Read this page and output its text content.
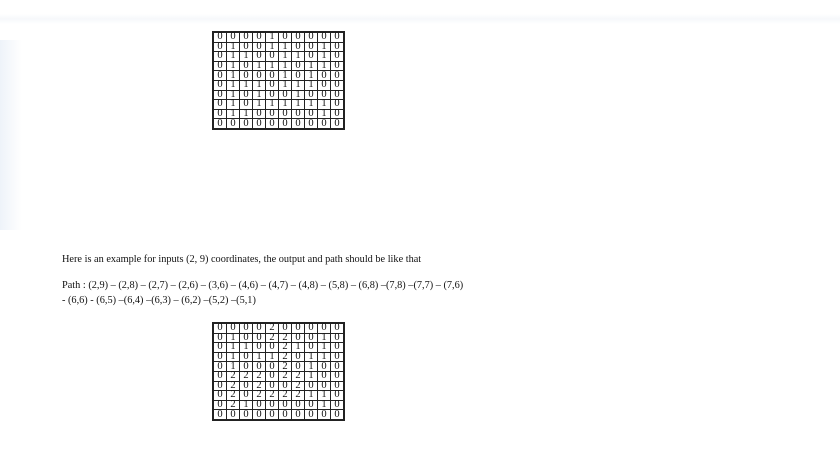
0	0	0	0	1	0	0	0	0	0
0	1	0	0	1	1	0	0	1	0
0	1	1	0	0	1	1	0	1	0
0	1	0	1	1	1	0	1	1	0
0	1	0	0	0	1	0	1	0	0
0	1	1	1	0	1	1	1	0	0
0	1	0	1	0	0	1	0	0	0
0	1	0	1	1	1	1	1	1	0
0	1	1	0	0	0	0	0	1	0
0	0	0	0	0	0	0	0	0	0
Here is an example for inputs (2, 9) coordinates, the output and path should be like that
Path : (2,9) – (2,8) – (2,7) – (2,6) – (3,6) – (4,6) – (4,7) – (4,8) – (5,8) – (6,8) –(7,8) –(7,7) – (7,6)
- (6,6) - (6,5) –(6,4) –(6,3) – (6,2) –(5,2) –(5,1)
0	0	0	0	2	0	0	0	0	0
0	1	0	0	2	2	0	0	1	0
0	1	1	0	0	2	1	0	1	0
0	1	0	1	1	2	0	1	1	0
0	1	0	0	0	2	0	1	0	0
0	2	2	2	0	2	2	1	0	0
0	2	0	2	0	0	2	0	0	0
0	2	0	2	2	2	2	1	1	0
0	2	1	0	0	0	0	0	1	0
0	0	0	0	0	0	0	0	0	0
